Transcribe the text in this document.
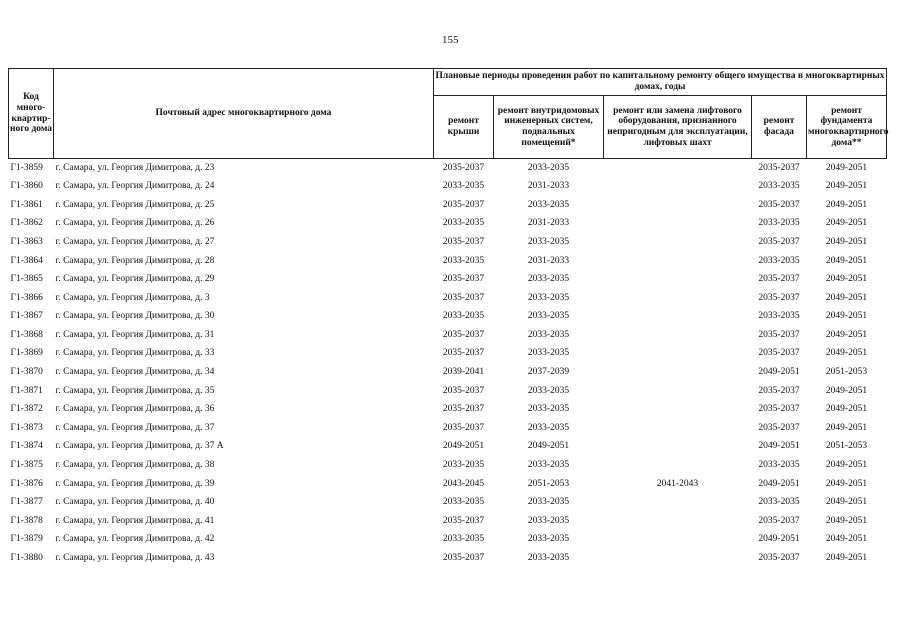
155
Код много-квартир-ного дома	Почтовый адрес многоквартирного дома	Плановые периоды проведения работ по капитальному ремонту общего имущества в многоквартирных домах, годы				
		ремонт крыши	ремонт внутридомовых инженерных систем, подвальных помещений*	ремонт или замена лифтового оборудования, признанного непригодным для эксплуатации, лифтовых шахт	ремонт фасада	ремонт фундамента многоквартирного дома**
Г1-3859	г. Самара, ул. Георгия Димитрова, д. 23	2035-2037	2033-2035		2035-2037	2049-2051
Г1-3860	г. Самара, ул. Георгия Димитрова, д. 24	2033-2035	2031-2033		2033-2035	2049-2051
Г1-3861	г. Самара, ул. Георгия Димитрова, д. 25	2035-2037	2033-2035		2035-2037	2049-2051
Г1-3862	г. Самара, ул. Георгия Димитрова, д. 26	2033-2035	2031-2033		2033-2035	2049-2051
Г1-3863	г. Самара, ул. Георгия Димитрова, д. 27	2035-2037	2033-2035		2035-2037	2049-2051
Г1-3864	г. Самара, ул. Георгия Димитрова, д. 28	2033-2035	2031-2033		2033-2035	2049-2051
Г1-3865	г. Самара, ул. Георгия Димитрова, д. 29	2035-2037	2033-2035		2035-2037	2049-2051
Г1-3866	г. Самара, ул. Георгия Димитрова, д. 3	2035-2037	2033-2035		2035-2037	2049-2051
Г1-3867	г. Самара, ул. Георгия Димитрова, д. 30	2033-2035	2033-2035		2033-2035	2049-2051
Г1-3868	г. Самара, ул. Георгия Димитрова, д. 31	2035-2037	2033-2035		2035-2037	2049-2051
Г1-3869	г. Самара, ул. Георгия Димитрова, д. 33	2035-2037	2033-2035		2035-2037	2049-2051
Г1-3870	г. Самара, ул. Георгия Димитрова, д. 34	2039-2041	2037-2039		2049-2051	2051-2053
Г1-3871	г. Самара, ул. Георгия Димитрова, д. 35	2035-2037	2033-2035		2035-2037	2049-2051
Г1-3872	г. Самара, ул. Георгия Димитрова, д. 36	2035-2037	2033-2035		2035-2037	2049-2051
Г1-3873	г. Самара, ул. Георгия Димитрова, д. 37	2035-2037	2033-2035		2035-2037	2049-2051
Г1-3874	г. Самара, ул. Георгия Димитрова, д. 37 А	2049-2051	2049-2051		2049-2051	2051-2053
Г1-3875	г. Самара, ул. Георгия Димитрова, д. 38	2033-2035	2033-2035		2033-2035	2049-2051
Г1-3876	г. Самара, ул. Георгия Димитрова, д. 39	2043-2045	2051-2053	2041-2043	2049-2051	2049-2051
Г1-3877	г. Самара, ул. Георгия Димитрова, д. 40	2033-2035	2033-2035		2033-2035	2049-2051
Г1-3878	г. Самара, ул. Георгия Димитрова, д. 41	2035-2037	2033-2035		2035-2037	2049-2051
Г1-3879	г. Самара, ул. Георгия Димитрова, д. 42	2033-2035	2033-2035		2049-2051	2049-2051
Г1-3880	г. Самара, ул. Георгия Димитрова, д. 43	2035-2037	2033-2035		2035-2037	2049-2051
